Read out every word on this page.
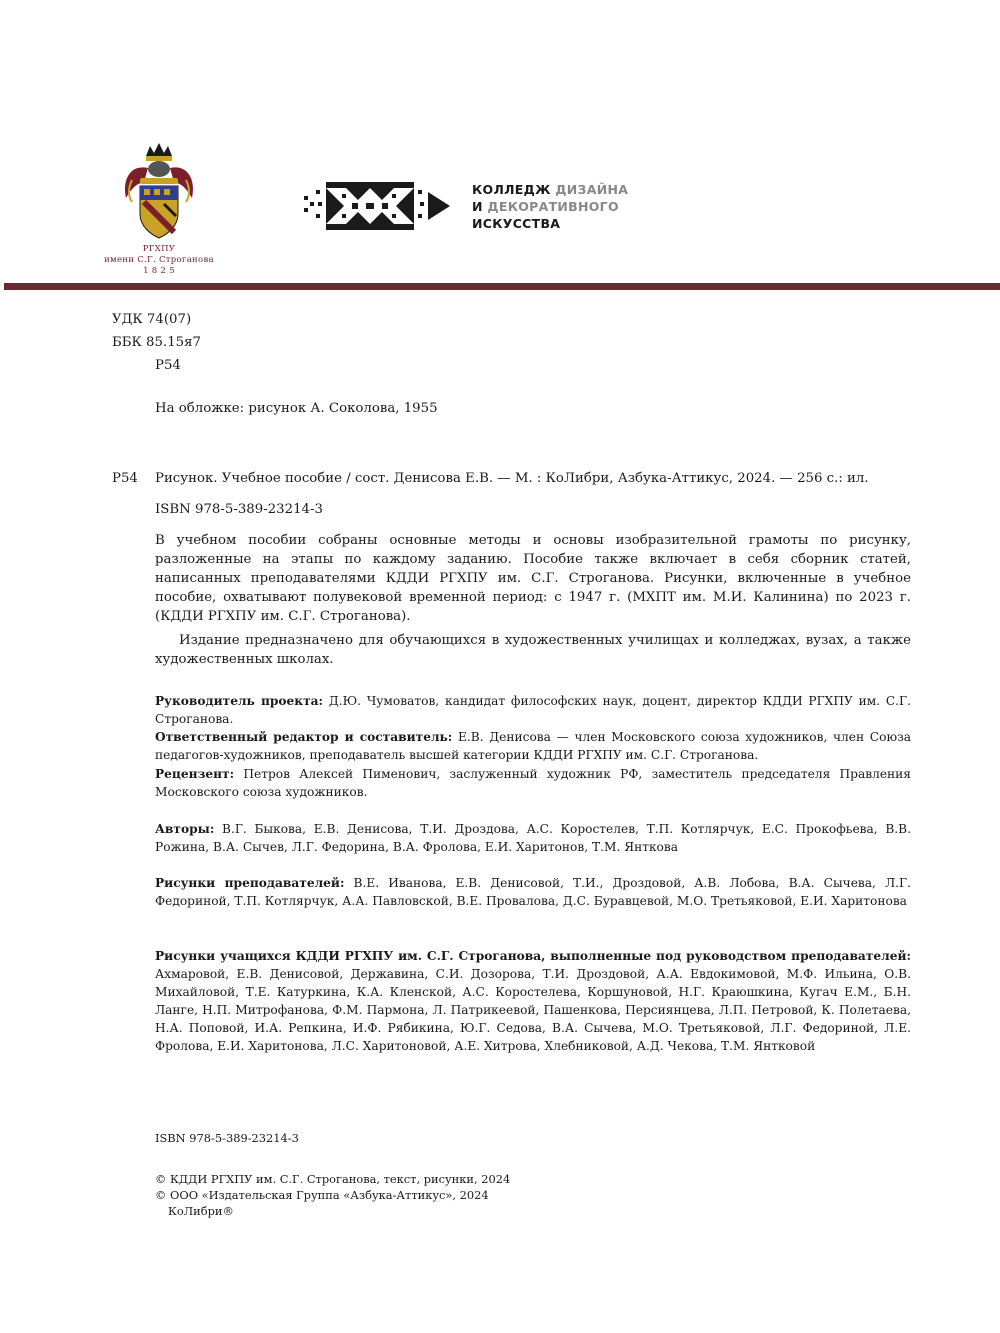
РГХПУ
имени С.Г. Строганова
1 8 2 5
КОЛЛЕДЖ ДИЗАЙНА
И ДЕКОРАТИВНОГО
ИСКУССТВА
УДК 74(07)
ББК 85.15я7
Р54
На обложке: рисунок А. Соколова, 1955
Р54 Рисунок. Учебное пособие / сост. Денисова Е.В. — М. : КоЛибри, Азбука-Аттикус, 2024. — 256 с.: ил.
ISBN 978-5-389-23214-3
В учебном пособии собраны основные методы и основы изобразительной грамоты по рисунку, разложенные на этапы по каждому заданию. Пособие также включает в себя сборник статей, написанных преподавателями КДДИ РГХПУ им. С.Г. Строганова. Рисунки, включенные в учебное пособие, охватывают полувековой временной период: с 1947 г. (МХПТ им. М.И. Калинина) по 2023 г. (КДДИ РГХПУ им. С.Г. Строганова).
Издание предназначено для обучающихся в художественных училищах и колледжах, вузах, а также художественных школах.
Руководитель проекта: Д.Ю. Чумоватов, кандидат философских наук, доцент, директор КДДИ РГХПУ им. С.Г. Строганова.
Ответственный редактор и составитель: Е.В. Денисова — член Московского союза художников, член Союза педагогов-художников, преподаватель высшей категории КДДИ РГХПУ им. С.Г. Строганова.
Рецензент: Петров Алексей Пименович, заслуженный художник РФ, заместитель председателя Правления Московского союза художников.
Авторы: В.Г. Быкова, Е.В. Денисова, Т.И. Дроздова, А.С. Коростелев, Т.П. Котлярчук, Е.С. Прокофьева, В.В. Рожина, В.А. Сычев, Л.Г. Федорина, В.А. Фролова, Е.И. Харитонов, Т.М. Янткова
Рисунки преподавателей: В.Е. Иванова, Е.В. Денисовой, Т.И., Дроздовой, А.В. Лобова, В.А. Сычева, Л.Г. Федориной, Т.П. Котлярчук, А.А. Павловской, В.Е. Провалова, Д.С. Буравцевой, М.О. Третьяковой, Е.И. Харитонова
Рисунки учащихся КДДИ РГХПУ им. С.Г. Строганова, выполненные под руководством преподавателей: Ахмаровой, Е.В. Денисовой, Державина, С.И. Дозорова, Т.И. Дроздовой, А.А. Евдокимовой, М.Ф. Ильина, О.В. Михайловой, Т.Е. Катуркина, К.А. Кленской, А.С. Коростелева, Коршуновой, Н.Г. Краюшкина, Кугач Е.М., Б.Н. Ланге, Н.П. Митрофанова, Ф.М. Пармона, Л. Патрикеевой, Пашенкова, Персиянцева, Л.П. Петровой, К. Полетаева, Н.А. Поповой, И.А. Репкина, И.Ф. Рябикина, Ю.Г. Седова, В.А. Сычева, М.О. Третьяковой, Л.Г. Федориной, Л.Е. Фролова, Е.И. Харитонова, Л.С. Харитоновой, А.Е. Хитрова, Хлебниковой, А.Д. Чекова, Т.М. Янтковой
ISBN 978-5-389-23214-3
© КДДИ РГХПУ им. С.Г. Строганова, текст, рисунки, 2024
© ООО «Издательская Группа «Азбука-Аттикус», 2024
КоЛибри®
